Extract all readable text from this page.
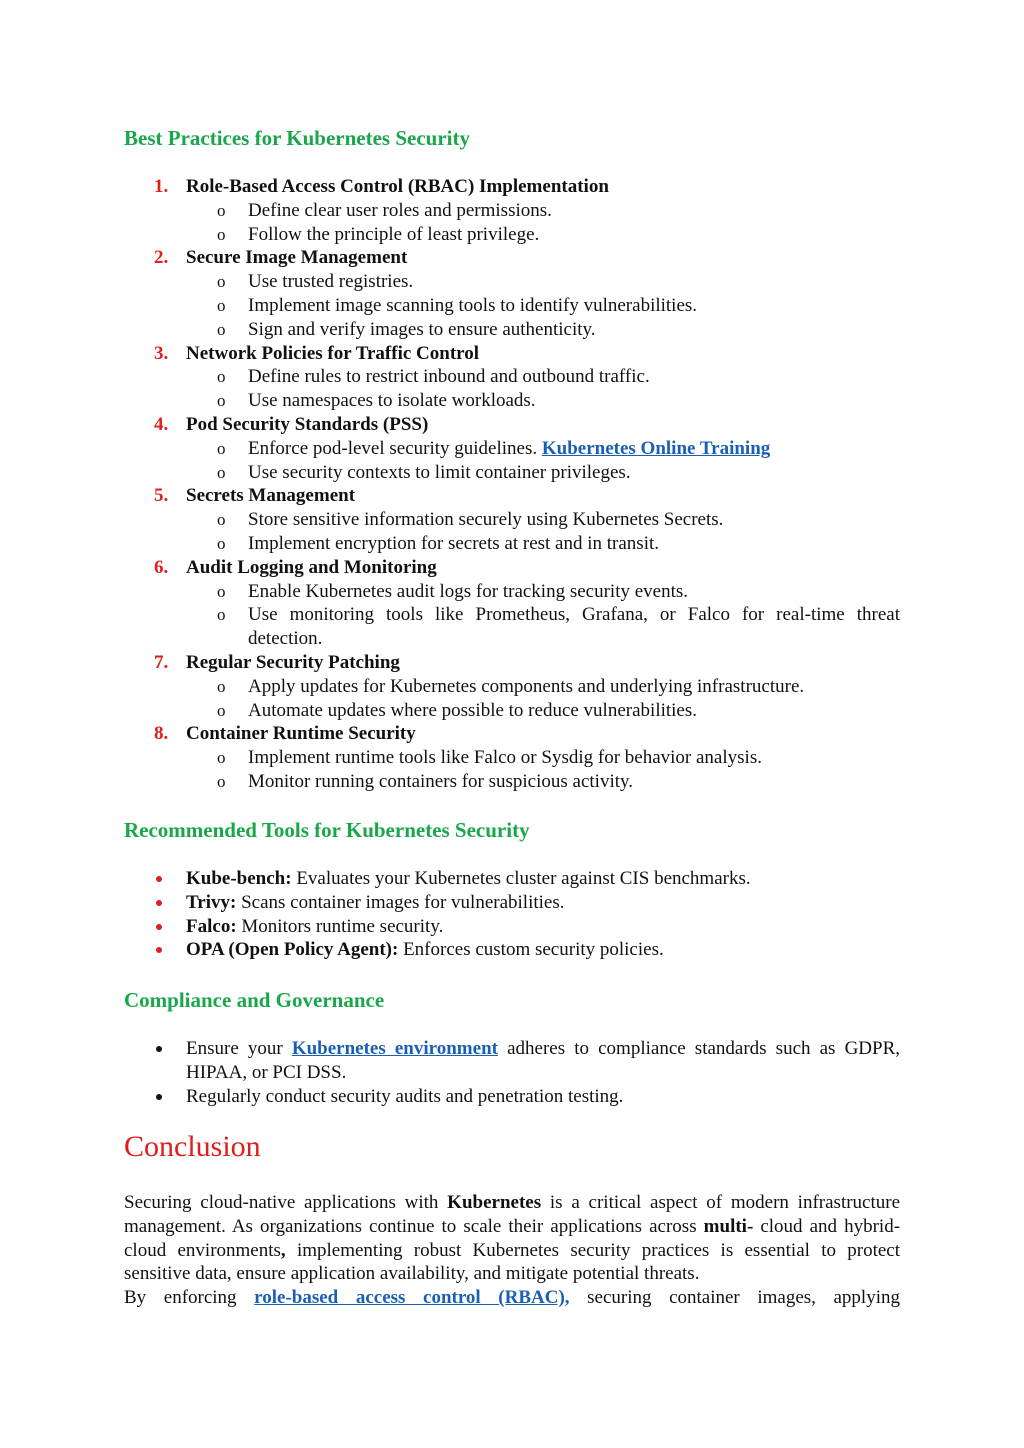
Best Practices for Kubernetes Security
1. Role-Based Access Control (RBAC) Implementation
o Define clear user roles and permissions.
o Follow the principle of least privilege.
2. Secure Image Management
o Use trusted registries.
o Implement image scanning tools to identify vulnerabilities.
o Sign and verify images to ensure authenticity.
3. Network Policies for Traffic Control
o Define rules to restrict inbound and outbound traffic.
o Use namespaces to isolate workloads.
4. Pod Security Standards (PSS)
o Enforce pod-level security guidelines. Kubernetes Online Training
o Use security contexts to limit container privileges.
5. Secrets Management
o Store sensitive information securely using Kubernetes Secrets.
o Implement encryption for secrets at rest and in transit.
6. Audit Logging and Monitoring
o Enable Kubernetes audit logs for tracking security events.
o Use monitoring tools like Prometheus, Grafana, or Falco for real-time threat detection.
7. Regular Security Patching
o Apply updates for Kubernetes components and underlying infrastructure.
o Automate updates where possible to reduce vulnerabilities.
8. Container Runtime Security
o Implement runtime tools like Falco or Sysdig for behavior analysis.
o Monitor running containers for suspicious activity.
Recommended Tools for Kubernetes Security
Kube-bench: Evaluates your Kubernetes cluster against CIS benchmarks.
Trivy: Scans container images for vulnerabilities.
Falco: Monitors runtime security.
OPA (Open Policy Agent): Enforces custom security policies.
Compliance and Governance
Ensure your Kubernetes environment adheres to compliance standards such as GDPR, HIPAA, or PCI DSS.
Regularly conduct security audits and penetration testing.
Conclusion
Securing cloud-native applications with Kubernetes is a critical aspect of modern infrastructure management. As organizations continue to scale their applications across multi- cloud and hybrid-cloud environments, implementing robust Kubernetes security practices is essential to protect sensitive data, ensure application availability, and mitigate potential threats.
By enforcing role-based access control (RBAC), securing container images, applying
